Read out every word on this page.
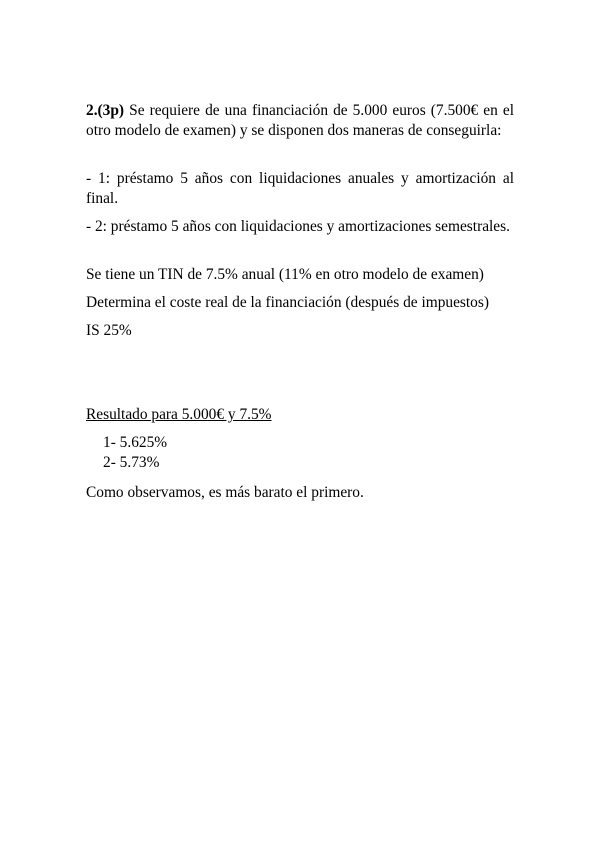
2.(3p) Se requiere de una financiación de 5.000 euros (7.500€ en el otro modelo de examen) y se disponen dos maneras de conseguirla:

- 1: préstamo 5 años con liquidaciones anuales y amortización al final.

- 2: préstamo 5 años con liquidaciones y amortizaciones semestrales.

Se tiene un TIN de 7.5% anual (11% en otro modelo de examen)

Determina el coste real de la financiación (después de impuestos)

IS 25%

Resultado para 5.000€ y 7.5%

1- 5.625%

2- 5.73%

Como observamos, es más barato el primero.
